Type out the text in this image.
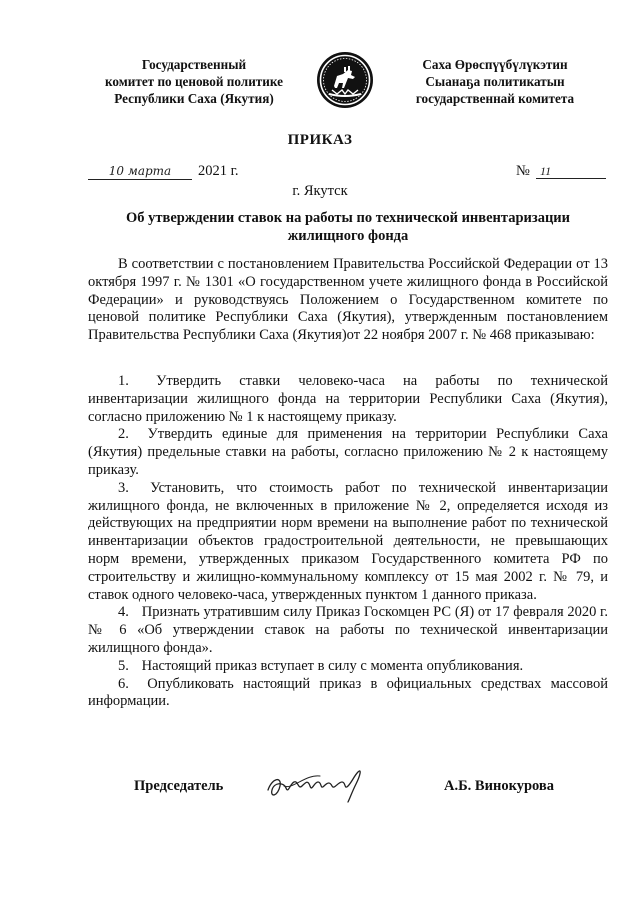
Государственный
комитет по ценовой политике
Республики Саха (Якутия)
Саха Өрөспүүбүлүкэтин
Сыанаҕа политикатын
государственнай комитета
ПРИКАЗ
10 марта	2021 г.	№ 11
г. Якутск
Об утверждении ставок на работы по технической инвентаризации жилищного фонда
В соответствии с постановлением Правительства Российской Федерации от 13 октября 1997 г. № 1301 «О государственном учете жилищного фонда в Российской Федерации» и руководствуясь Положением о Государственном комитете по ценовой политике Республики Саха (Якутия), утвержденным постановлением Правительства Республики Саха (Якутия)от 22 ноября 2007 г. № 468 приказываю:

1. Утвердить ставки человеко-часа на работы по технической инвентаризации жилищного фонда на территории Республики Саха (Якутия), согласно приложению № 1 к настоящему приказу.

2. Утвердить единые для применения на территории Республики Саха (Якутия) предельные ставки на работы, согласно приложению № 2 к настоящему приказу.

3. Установить, что стоимость работ по технической инвентаризации жилищного фонда, не включенных в приложение № 2, определяется исходя из действующих на предприятии норм времени на выполнение работ по технической инвентаризации объектов градостроительной деятельности, не превышающих норм времени, утвержденных приказом Государственного комитета РФ по строительству и жилищно-коммунальному комплексу от 15 мая 2002 г. № 79, и ставок одного человеко-часа, утвержденных пунктом 1 данного приказа.

4. Признать утратившим силу Приказ Госкомцен РС (Я) от 17 февраля 2020 г. № 6 «Об утверждении ставок на работы по технической инвентаризации жилищного фонда».

5. Настоящий приказ вступает в силу с момента опубликования.

6. Опубликовать настоящий приказ в официальных средствах массовой информации.

Председатель	А.Б. Винокурова
